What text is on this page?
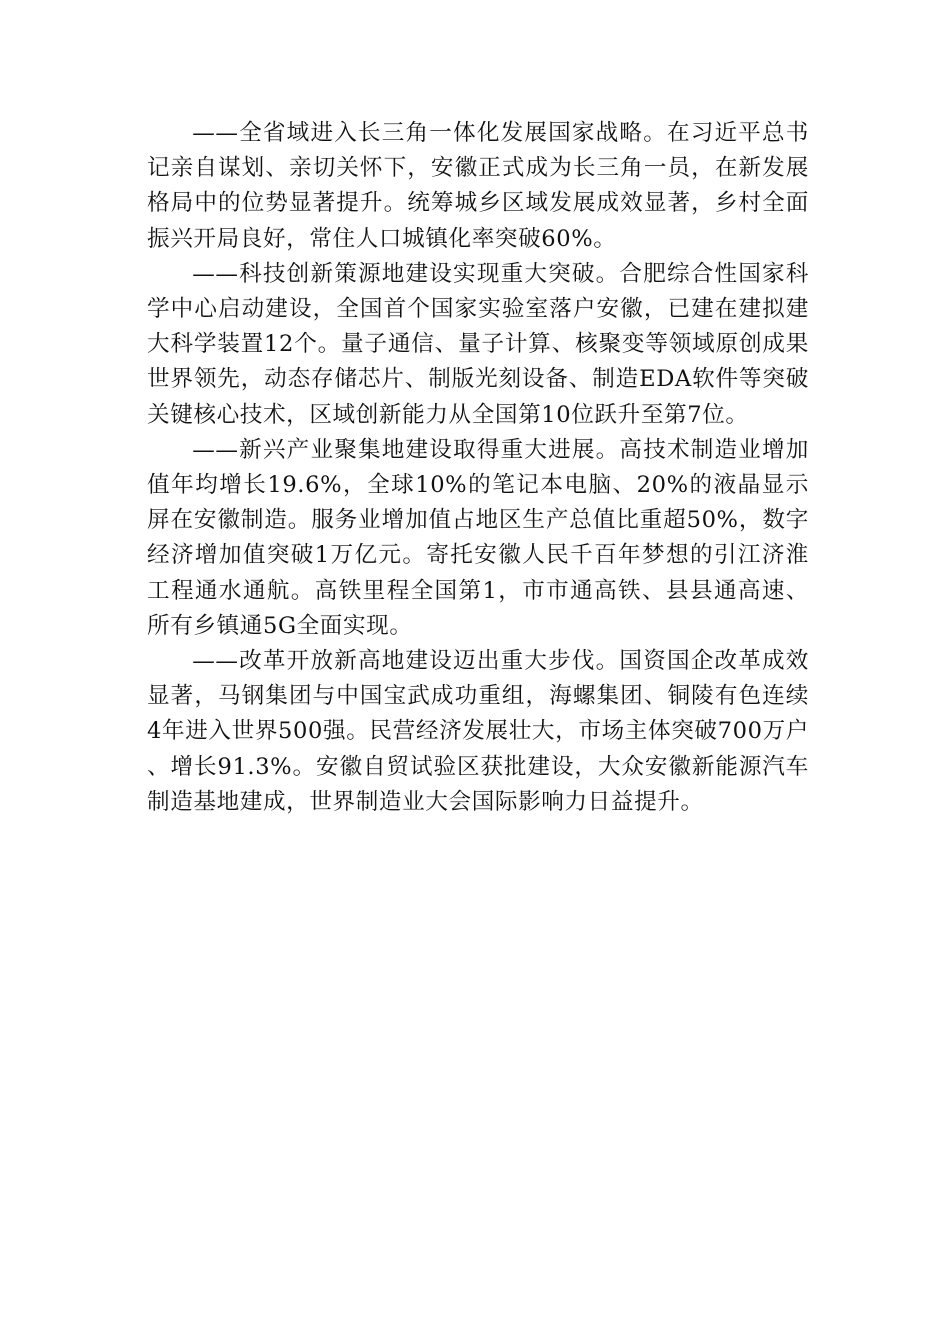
——全省域进入长三角一体化发展国家战略。在习近平总书记亲自谋划、亲切关怀下，安徽正式成为长三角一员，在新发展格局中的位势显著提升。统筹城乡区域发展成效显著，乡村全面振兴开局良好，常住人口城镇化率突破60%。

——科技创新策源地建设实现重大突破。合肥综合性国家科学中心启动建设，全国首个国家实验室落户安徽，已建在建拟建大科学装置12个。量子通信、量子计算、核聚变等领域原创成果世界领先，动态存储芯片、制版光刻设备、制造EDA软件等突破关键核心技术，区域创新能力从全国第10位跃升至第7位。

——新兴产业聚集地建设取得重大进展。高技术制造业增加值年均增长19.6%，全球10%的笔记本电脑、20%的液晶显示屏在安徽制造。服务业增加值占地区生产总值比重超50%，数字经济增加值突破1万亿元。寄托安徽人民千百年梦想的引江济淮工程通水通航。高铁里程全国第1，市市通高铁、县县通高速、所有乡镇通5G全面实现。

——改革开放新高地建设迈出重大步伐。国资国企改革成效显著，马钢集团与中国宝武成功重组，海螺集团、铜陵有色连续4年进入世界500强。民营经济发展壮大，市场主体突破700万户、增长91.3%。安徽自贸试验区获批建设，大众安徽新能源汽车制造基地建成，世界制造业大会国际影响力日益提升。
